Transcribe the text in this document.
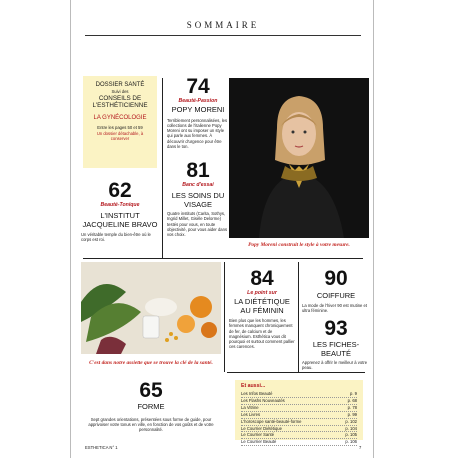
SOMMAIRE
DOSSIER SANTÉ
Suivi des
CONSEILS DE L'ESTHÉTICIENNE
LA GYNÉCOLOGIE
Entre les pages 50 et 59
Un dossier détachable, à conserver
74
Beauté-Passion
POPY MORENI
Terriblement personnalisées, les collections de l'italienne Popy Moreni ont su imposer un style qui parle aux femmes. À découvrir d'urgence pour être dans le ton.
81
Banc d'essai
LES SOINS DU VISAGE
Quatre instituts (Carita, Sothys, Ingrid Millet, Gisèle Delorme) testés pour vous, en toute objectivité, pour vous aider dans vos choix.
62
Beauté-Tonique
L'INSTITUT JACQUELINE BRAVO
Un véritable temple du bien-être où le corps est roi.
Popy Moreni construit le style à votre mesure.
C'est dans notre assiette que se trouve la clé de la santé.
84
Le point sur
LA DIÉTÉTIQUE AU FÉMININ
Bien plus que les hommes, les femmes manquent chroniquement de fer, de calcium et de magnésium. Esthética vous dit pourquoi et surtout comment pallier ces carences.
90
COIFFURE
La mode de l'hiver 90 est mutine et ultra féminine.
93
LES FICHES-BEAUTÉ
Apprenez à offrir le meilleur à votre peau.
65
FORME
Sept grandes orientations, présentées sous forme de guide, pour apprivoiser votre tonus en ville, en fonction de vos goûts et de votre personnalité.
Et aussi...
Les Infos Beauté	p. 9
Les Flashs Nouveautés	p. 68
La Vitrine	p. 78
Les Livres	p. 99
L'horoscope santé-beauté-forme	p. 102
Le Courrier Diététique	p. 104
Le Courrier Santé	p. 105
Le Courrier Beauté	p. 106
ESTHETICA N° 1	7
